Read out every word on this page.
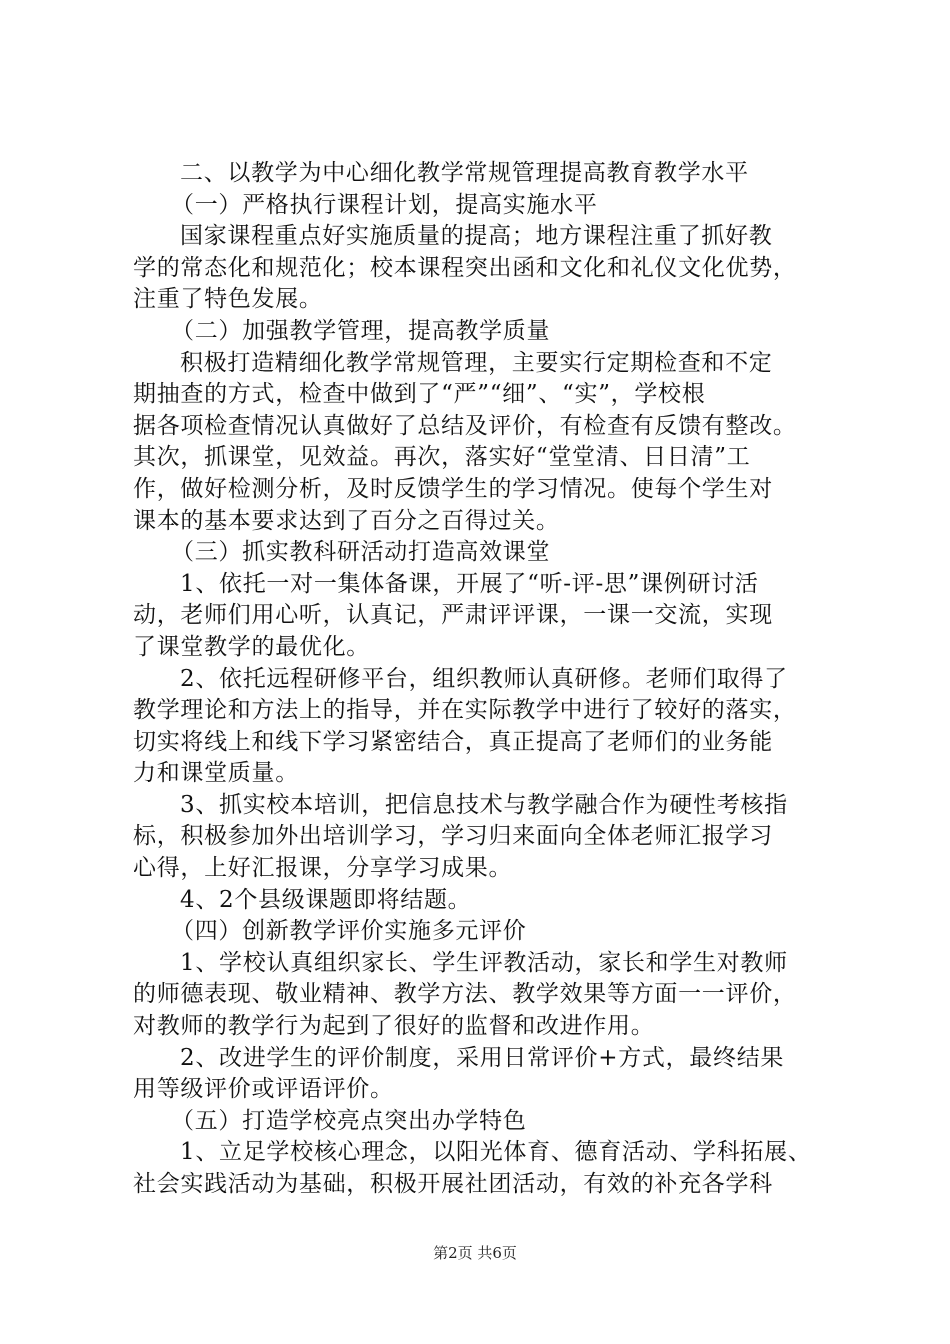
二、以教学为中心细化教学常规管理提高教育教学水平
（一）严格执行课程计划，提高实施水平
国家课程重点好实施质量的提高；地方课程注重了抓好教
学的常态化和规范化；校本课程突出函和文化和礼仪文化优势，
注重了特色发展。
（二）加强教学管理，提高教学质量
积极打造精细化教学常规管理，主要实行定期检查和不定
期抽查的方式，检查中做到了“严”“细”、“实”，学校根
据各项检查情况认真做好了总结及评价，有检查有反馈有整改。
其次，抓课堂，见效益。再次，落实好“堂堂清、日日清”工
作，做好检测分析，及时反馈学生的学习情况。使每个学生对
课本的基本要求达到了百分之百得过关。
（三）抓实教科研活动打造高效课堂
1、依托一对一集体备课，开展了“听-评-思”课例研讨活
动，老师们用心听，认真记，严肃评评课，一课一交流，实现
了课堂教学的最优化。
2、依托远程研修平台，组织教师认真研修。老师们取得了
教学理论和方法上的指导，并在实际教学中进行了较好的落实，
切实将线上和线下学习紧密结合，真正提高了老师们的业务能
力和课堂质量。
3、抓实校本培训，把信息技术与教学融合作为硬性考核指
标，积极参加外出培训学习，学习归来面向全体老师汇报学习
心得，上好汇报课，分享学习成果。
4、2个县级课题即将结题。
（四）创新教学评价实施多元评价
1、学校认真组织家长、学生评教活动，家长和学生对教师
的师德表现、敬业精神、教学方法、教学效果等方面一一评价，
对教师的教学行为起到了很好的监督和改进作用。
2、改进学生的评价制度，采用日常评价+方式，最终结果
用等级评价或评语评价。
（五）打造学校亮点突出办学特色
1、立足学校核心理念，以阳光体育、德育活动、学科拓展、
社会实践活动为基础，积极开展社团活动，有效的补充各学科
第2页 共6页
